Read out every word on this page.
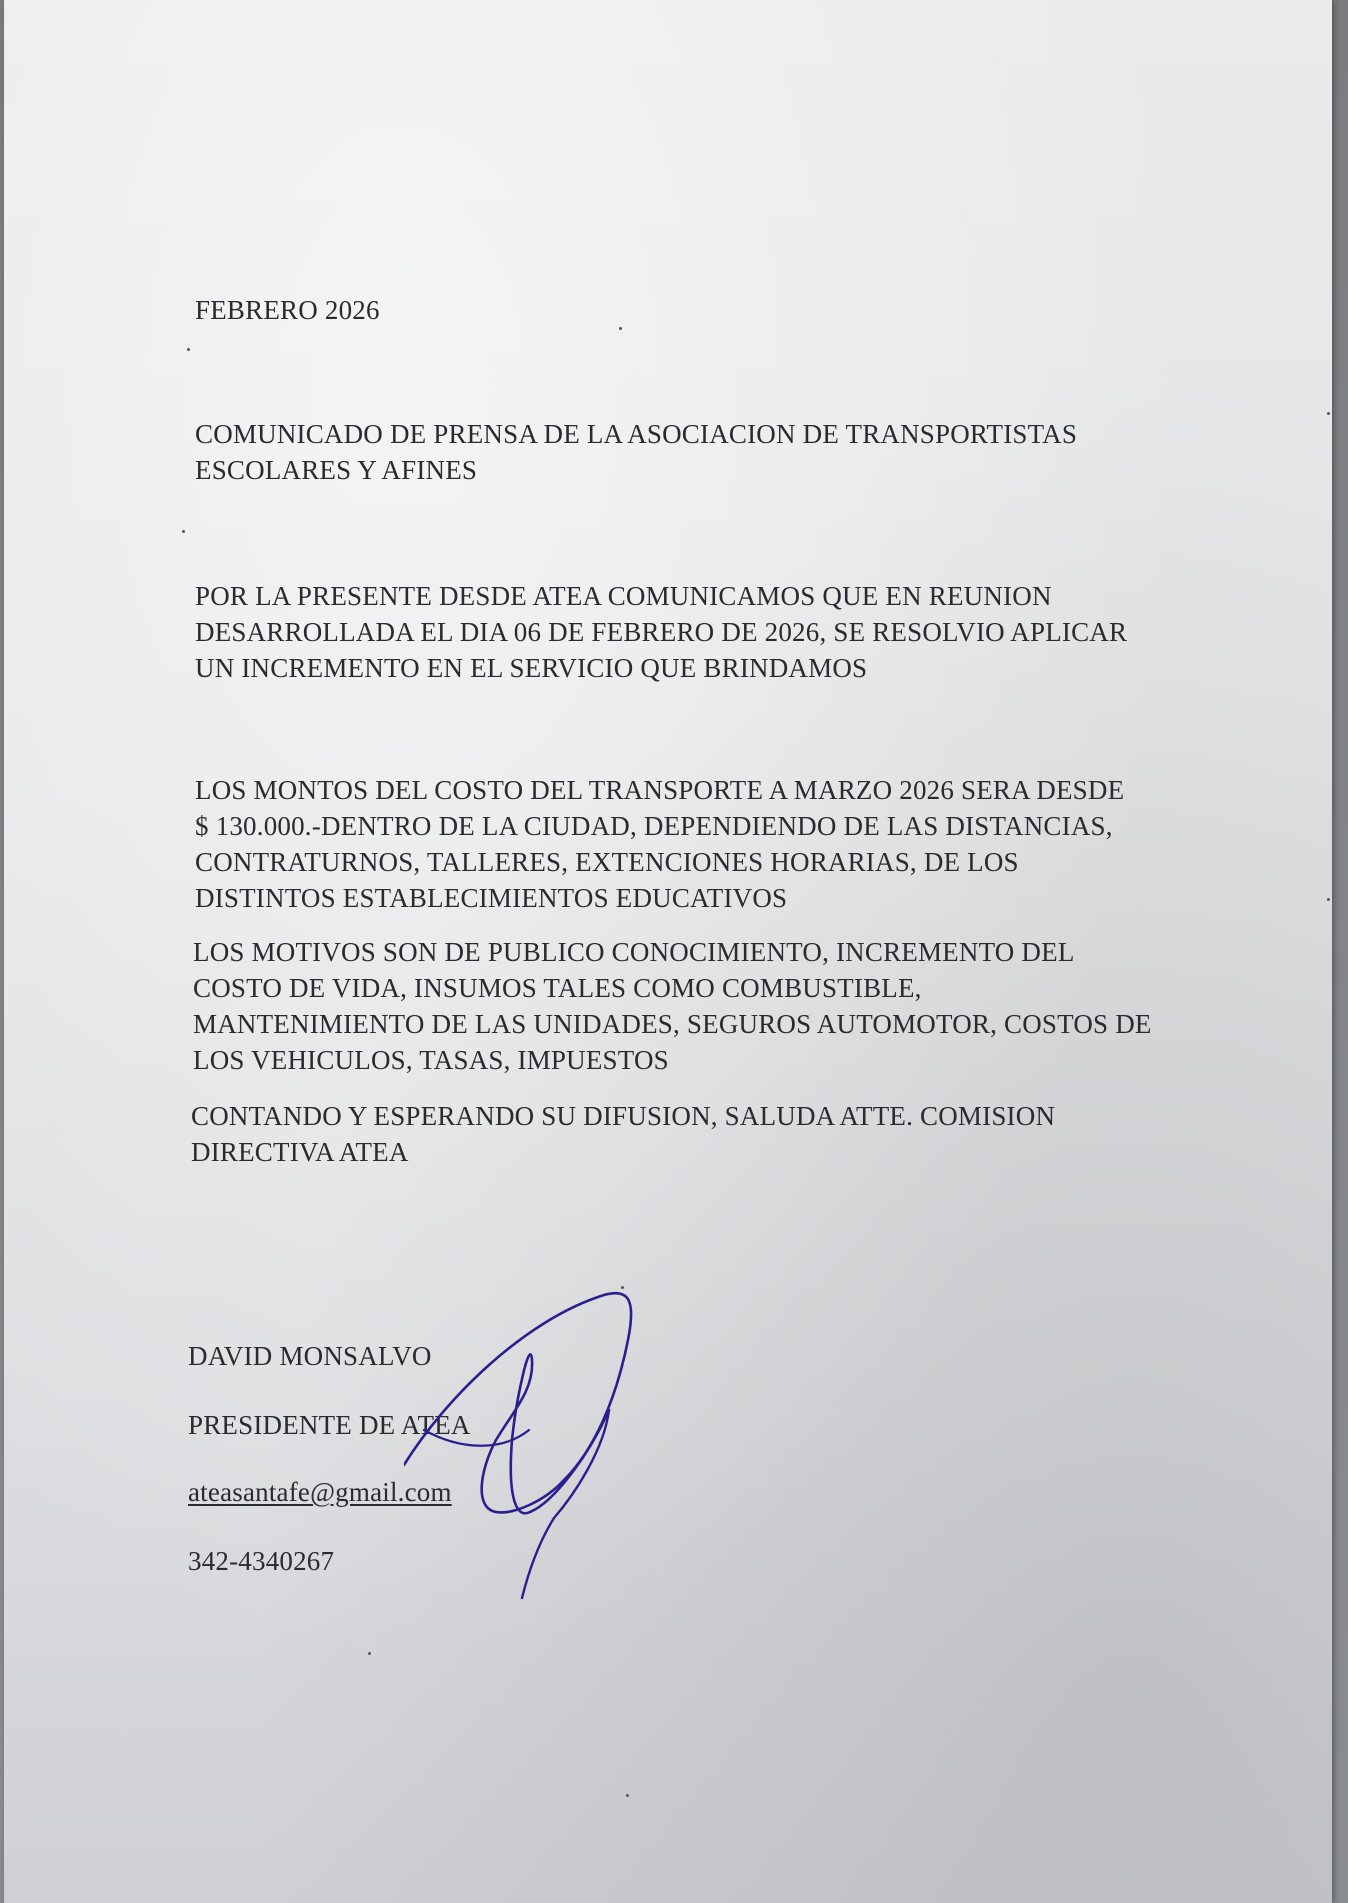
FEBRERO 2026
COMUNICADO DE PRENSA DE LA ASOCIACION DE TRANSPORTISTAS
ESCOLARES Y AFINES
POR LA PRESENTE DESDE ATEA COMUNICAMOS QUE EN REUNION
DESARROLLADA EL DIA 06 DE FEBRERO DE 2026, SE RESOLVIO APLICAR
UN INCREMENTO EN EL SERVICIO QUE BRINDAMOS
LOS MONTOS DEL COSTO DEL TRANSPORTE A MARZO 2026 SERA DESDE
$ 130.000.-DENTRO DE LA CIUDAD, DEPENDIENDO DE LAS DISTANCIAS,
CONTRATURNOS, TALLERES, EXTENCIONES HORARIAS, DE LOS
DISTINTOS ESTABLECIMIENTOS EDUCATIVOS
LOS MOTIVOS SON DE PUBLICO CONOCIMIENTO, INCREMENTO DEL
COSTO DE VIDA, INSUMOS TALES COMO COMBUSTIBLE,
MANTENIMIENTO DE LAS UNIDADES, SEGUROS AUTOMOTOR, COSTOS DE
LOS VEHICULOS, TASAS, IMPUESTOS
CONTANDO Y ESPERANDO SU DIFUSION, SALUDA ATTE. COMISION
DIRECTIVA ATEA
DAVID MONSALVO
PRESIDENTE DE ATEA
ateasantafe@gmail.com
342-4340267
